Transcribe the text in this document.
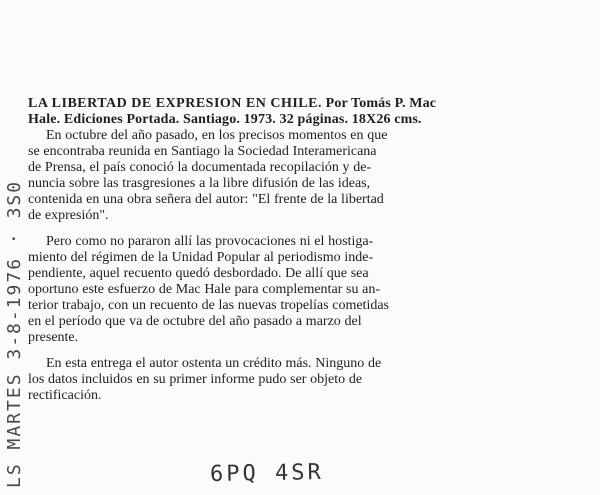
LS MARTES 3-8-1976 · 3S0

LA LIBERTAD DE EXPRESION EN CHILE. Por Tomás P. Mac

Hale. Ediciones Portada. Santiago. 1973. 32 páginas. 18X26 cms.

En octubre del año pasado, en los precisos momentos en que
se encontraba reunida en Santiago la Sociedad Interamericana
de Prensa, el país conoció la documentada recopilación y de-
nuncia sobre las trasgresiones a la libre difusión de las ideas,
contenida en una obra señera del autor: "El frente de la libertad
de expresión".
Pero como no pararon allí las provocaciones ni el hostiga-
miento del régimen de la Unidad Popular al periodismo inde-
pendiente, aquel recuento quedó desbordado. De allí que sea
oportuno este esfuerzo de Mac Hale para complementar su an-
terior trabajo, con un recuento de las nuevas tropelías cometidas
en el período que va de octubre del año pasado a marzo del
presente.
En esta entrega el autor ostenta un crédito más. Ninguno de
los datos incluidos en su primer informe pudo ser objeto de
rectificación.
6PQ 4SR
